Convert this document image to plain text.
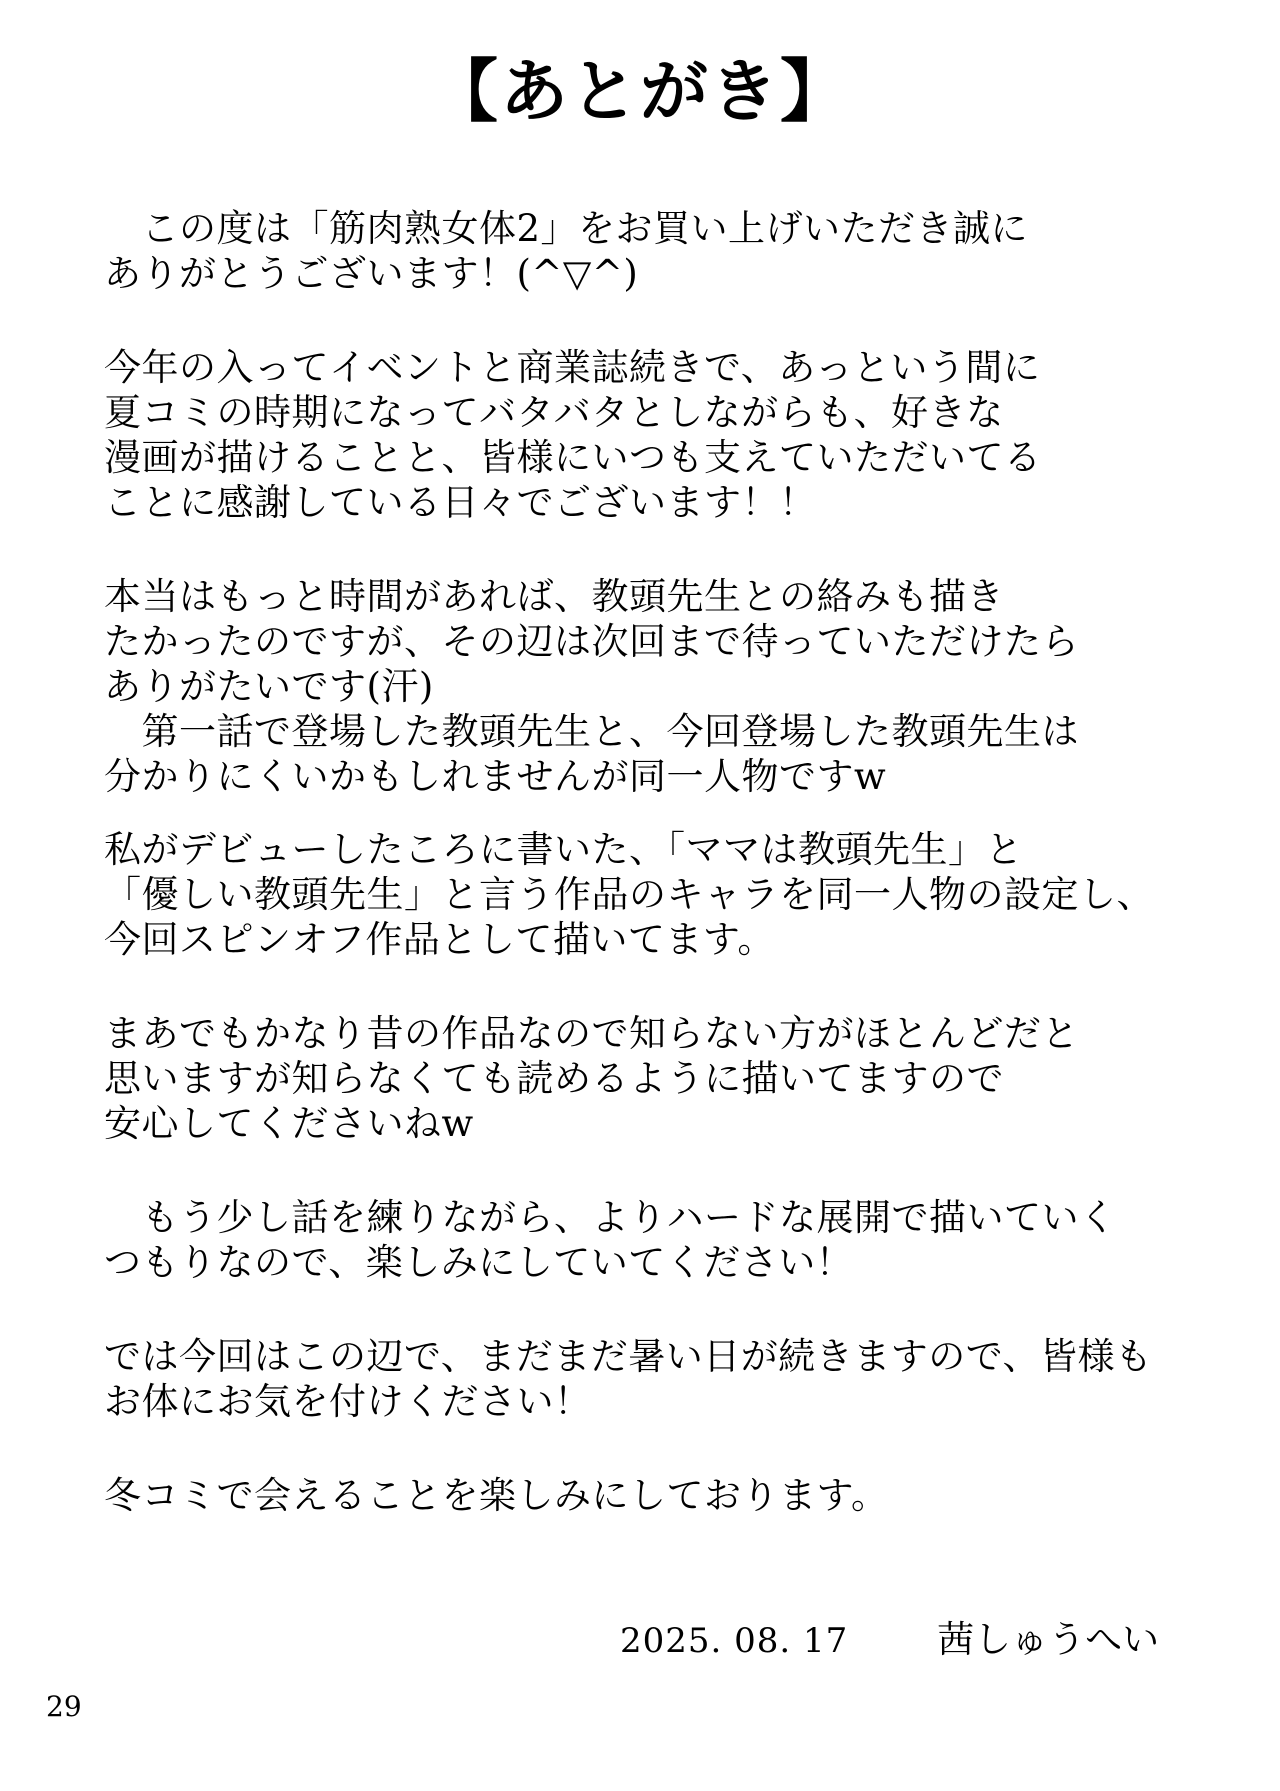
【あとがき】
　この度は「筋肉熟女体2」をお買い上げいただき誠に
ありがとうございます！(^▽^)
今年の入ってイベントと商業誌続きで、あっという間に
夏コミの時期になってバタバタとしながらも、好きな
漫画が描けることと、皆様にいつも支えていただいてる
ことに感謝している日々でございます！！
本当はもっと時間があれば、教頭先生との絡みも描き
たかったのですが、その辺は次回まで待っていただけたら
ありがたいです(汗)
　第一話で登場した教頭先生と、今回登場した教頭先生は
分かりにくいかもしれませんが同一人物ですw
私がデビューしたころに書いた、「ママは教頭先生」と
「優しい教頭先生」と言う作品のキャラを同一人物の設定し、
今回スピンオフ作品として描いてます。
まあでもかなり昔の作品なので知らない方がほとんどだと
思いますが知らなくても読めるように描いてますので
安心してくださいねw
　もう少し話を練りながら、よりハードな展開で描いていく
つもりなので、楽しみにしていてください！
では今回はこの辺で、まだまだ暑い日が続きますので、皆様も
お体にお気を付けください！
冬コミで会えることを楽しみにしております。
2025. 08. 17 茜しゅうへい
29
